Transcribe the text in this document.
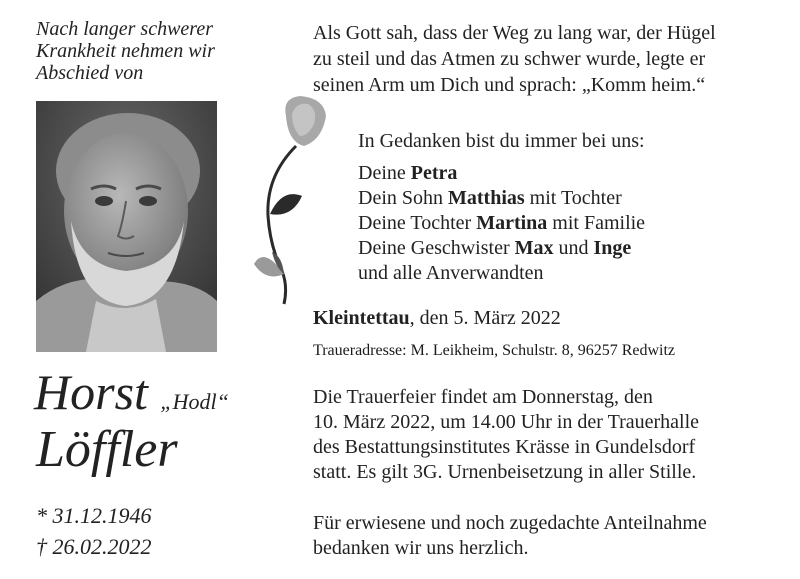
Nach langer schwerer
Krankheit nehmen wir
Abschied von
Horst „Hodl“
Löffler
* 31.12.1946
† 26.02.2022
Als Gott sah, dass der Weg zu lang war, der Hügel
zu steil und das Atmen zu schwer wurde, legte er
seinen Arm um Dich und sprach: „Komm heim.“
In Gedanken bist du immer bei uns:
Deine Petra
Dein Sohn Matthias mit Tochter
Deine Tochter Martina mit Familie
Deine Geschwister Max und Inge
und alle Anverwandten
Kleintettau, den 5. März 2022
Traueradresse: M. Leikheim, Schulstr. 8, 96257 Redwitz
Die Trauerfeier findet am Donnerstag, den
10. März 2022, um 14.00 Uhr in der Trauerhalle
des Bestattungsinstitutes Krässe in Gundelsdorf
statt. Es gilt 3G. Urnenbeisetzung in aller Stille.
Für erwiesene und noch zugedachte Anteilnahme
bedanken wir uns herzlich.
